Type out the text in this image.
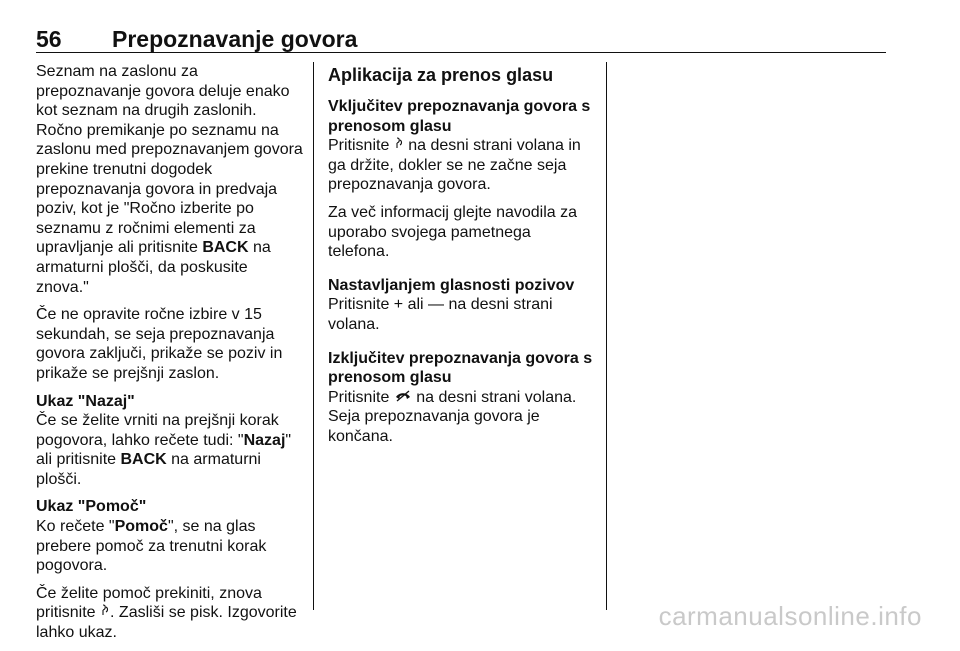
56 Prepoznavanje govora

Seznam na zaslonu za prepoznavanje govora deluje enako kot seznam na drugih zaslonih. Ročno premikanje po seznamu na zaslonu med prepoznavanjem govora prekine trenutni dogodek prepoznavanja govora in predvaja poziv, kot je "Ročno izberite po seznamu z ročnimi elementi za upravljanje ali pritisnite BACK na armaturni plošči, da poskusite znova."

Če ne opravite ročne izbire v 15 sekundah, se seja prepoznavanja govora zaključi, prikaže se poziv in prikaže se prejšnji zaslon.

Ukaz "Nazaj"

Če se želite vrniti na prejšnji korak pogovora, lahko rečete tudi: "Nazaj" ali pritisnite BACK na armaturni plošči.

Ukaz "Pomoč"

Ko rečete "Pomoč", se na glas prebere pomoč za trenutni korak pogovora.

Če želite pomoč prekiniti, znova pritisnite . Zasliši se pisk. Izgovorite lahko ukaz.

Aplikacija za prenos glasu

Vključitev prepoznavanja govora s prenosom glasu

Pritisnite  na desni strani volana in ga držite, dokler se ne začne seja prepoznavanja govora.

Za več informacij glejte navodila za uporabo svojega pametnega telefona.

Nastavljanjem glasnosti pozivov

Pritisnite + ali — na desni strani volana.

Izključitev prepoznavanja govora s prenosom glasu

Pritisnite  na desni strani volana. Seja prepoznavanja govora je končana.

carmanualsonline.info
